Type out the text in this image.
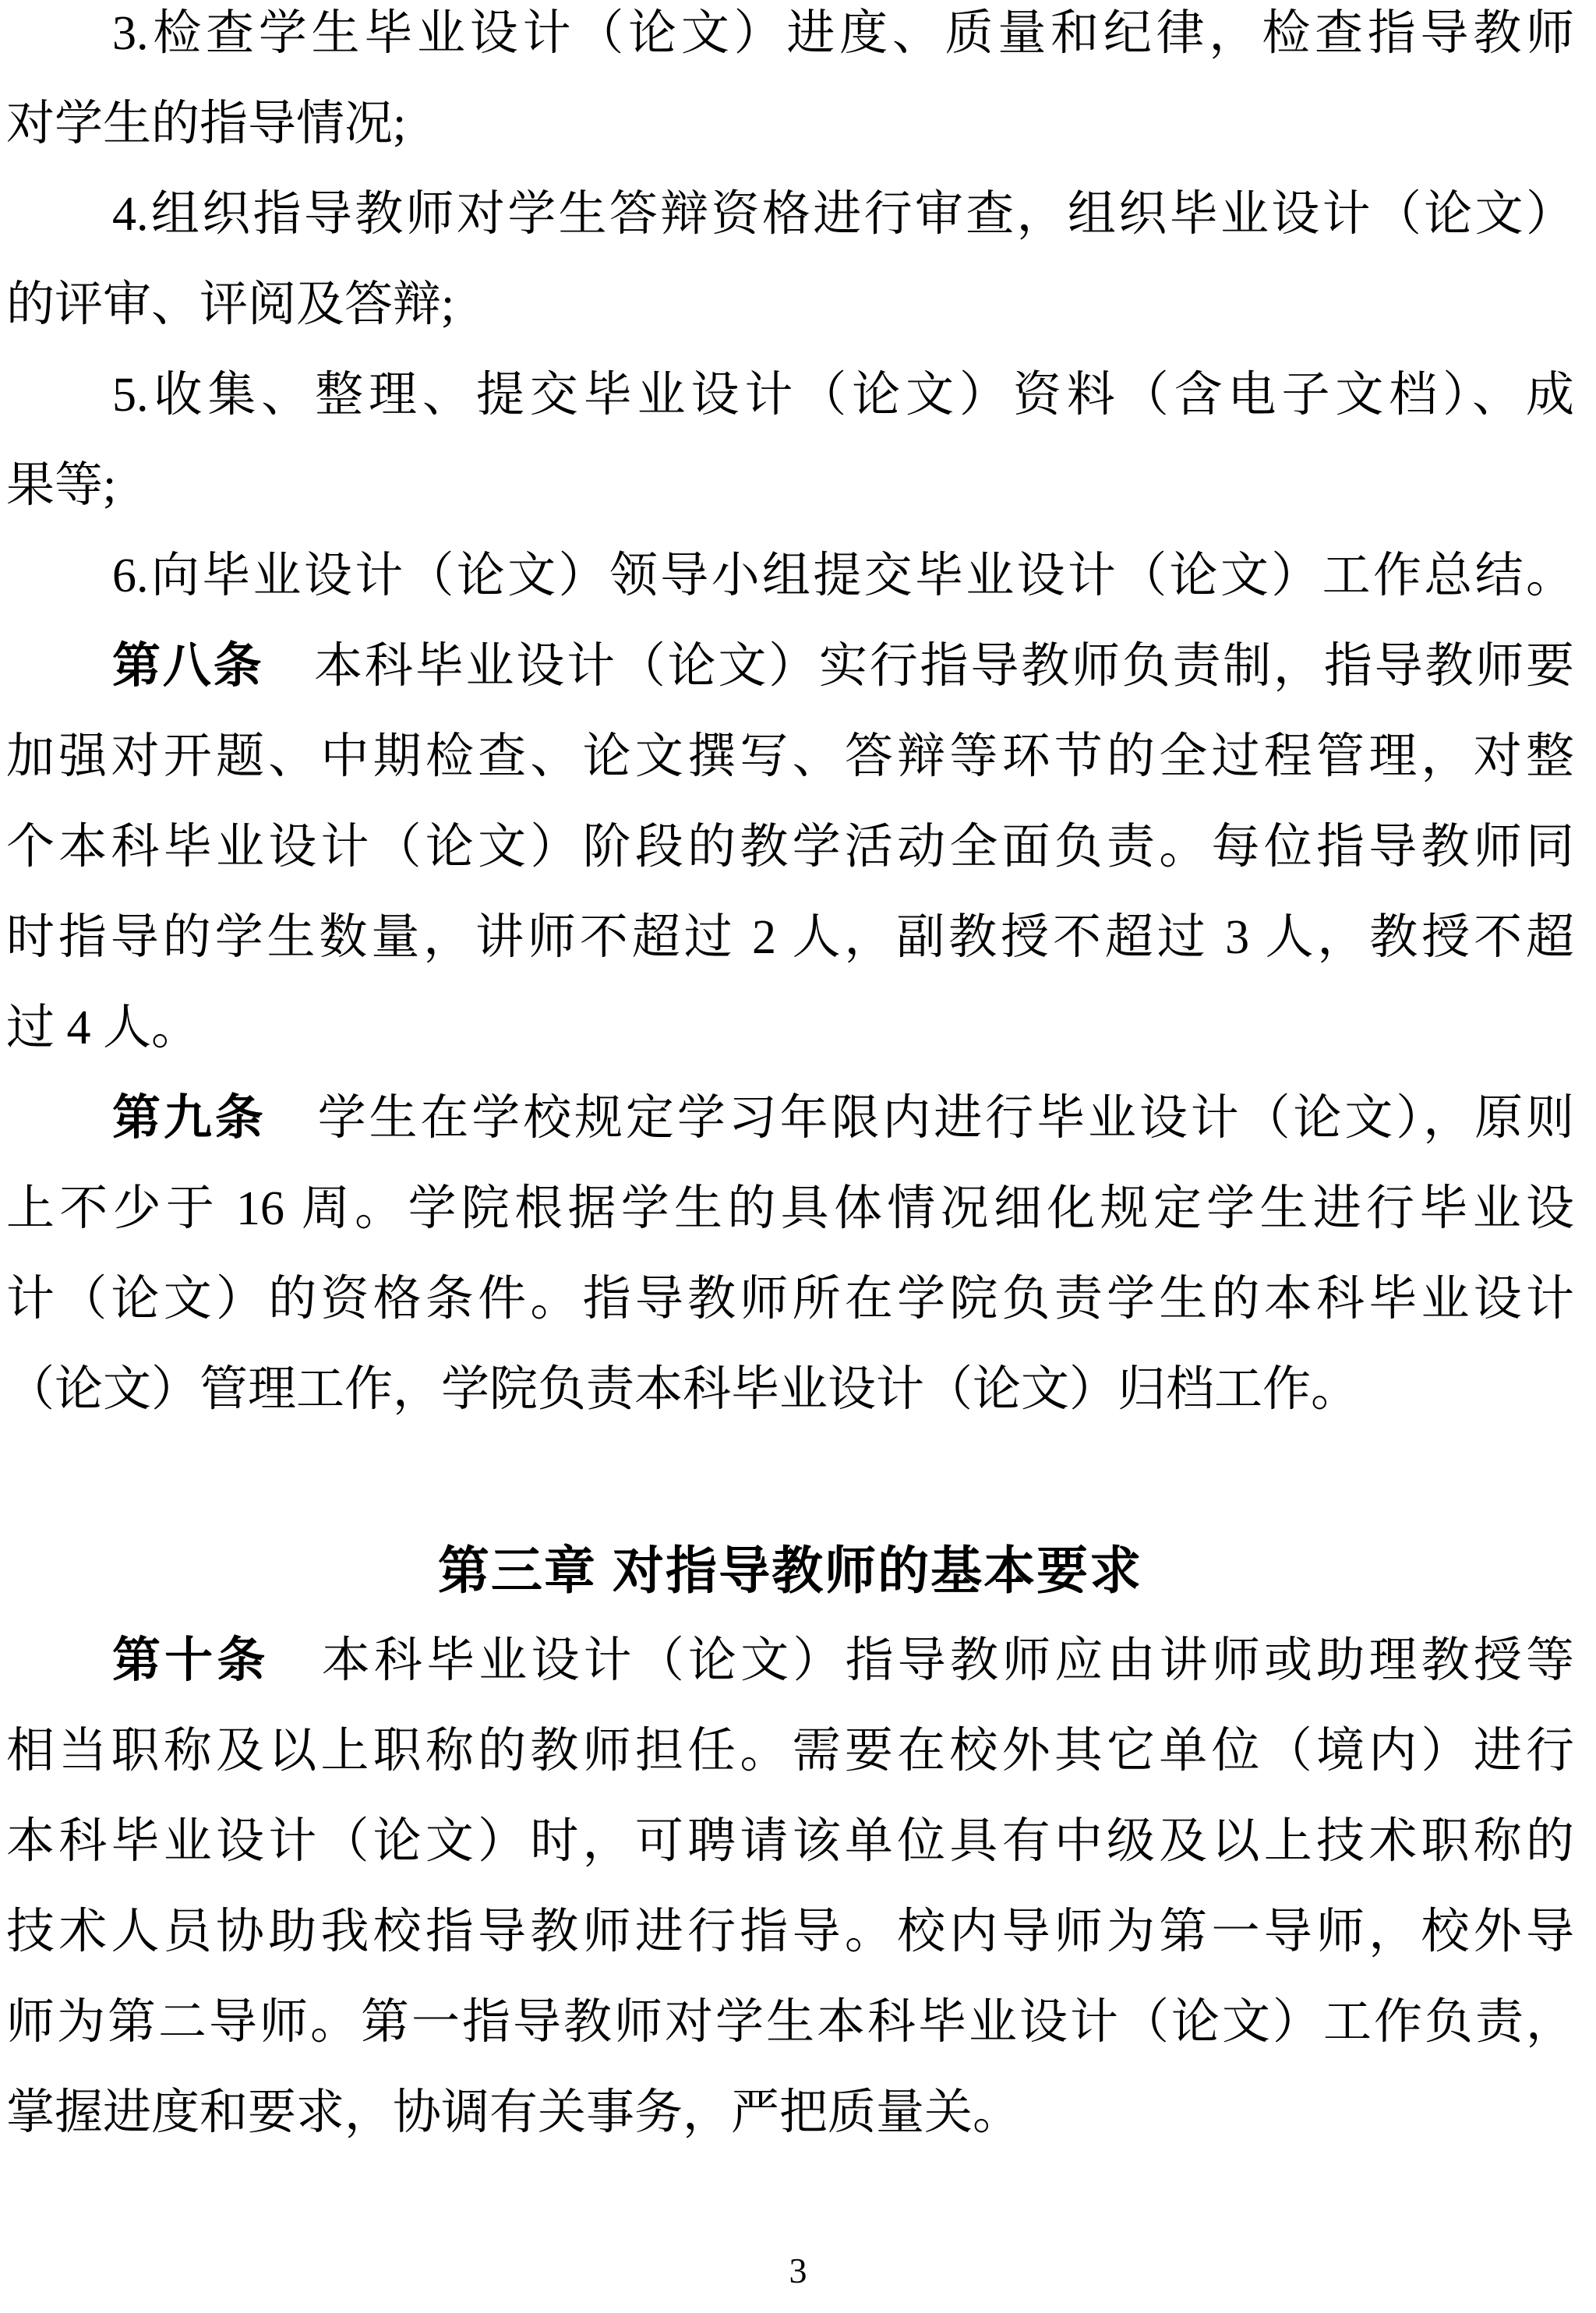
3.检查学生毕业设计（论文）进度、质量和纪律，检查指导教师
对学生的指导情况;
4.组织指导教师对学生答辩资格进行审查，组织毕业设计（论文）
的评审、评阅及答辩;
5.收集、整理、提交毕业设计（论文）资料（含电子文档）、成
果等;
6.向毕业设计（论文）领导小组提交毕业设计（论文）工作总结。
第八条　本科毕业设计（论文）实行指导教师负责制，指导教师要
加强对开题、中期检查、论文撰写、答辩等环节的全过程管理，对整
个本科毕业设计（论文）阶段的教学活动全面负责。每位指导教师同
时指导的学生数量，讲师不超过 2 人，副教授不超过 3 人，教授不超
过 4 人。
第九条　学生在学校规定学习年限内进行毕业设计（论文），原则
上不少于 16 周。学院根据学生的具体情况细化规定学生进行毕业设
计（论文）的资格条件。指导教师所在学院负责学生的本科毕业设计
（论文）管理工作，学院负责本科毕业设计（论文）归档工作。
第三章 对指导教师的基本要求
第十条　本科毕业设计（论文）指导教师应由讲师或助理教授等
相当职称及以上职称的教师担任。需要在校外其它单位（境内）进行
本科毕业设计（论文）时，可聘请该单位具有中级及以上技术职称的
技术人员协助我校指导教师进行指导。校内导师为第一导师，校外导
师为第二导师。第一指导教师对学生本科毕业设计（论文）工作负责，
掌握进度和要求，协调有关事务，严把质量关。
3
